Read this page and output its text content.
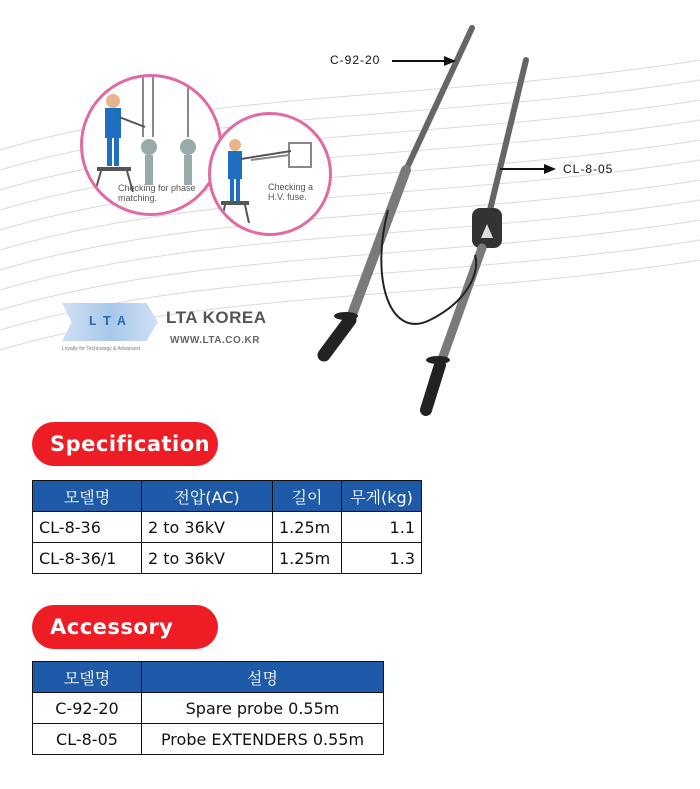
Checking for phase
matching.
Checking a
H.V. fuse.
C-92-20
CL-8-05
LTA
Loyalty for Technology & Advanced
LTA KOREA
WWW.LTA.CO.KR
Specification
모델명	전압(AC)	길이	무게(kg)
CL-8-36	2 to 36kV	1.25m	1.1
CL-8-36/1	2 to 36kV	1.25m	1.3
Accessory
모델명	설명
C-92-20	Spare probe 0.55m
CL-8-05	Probe EXTENDERS 0.55m
